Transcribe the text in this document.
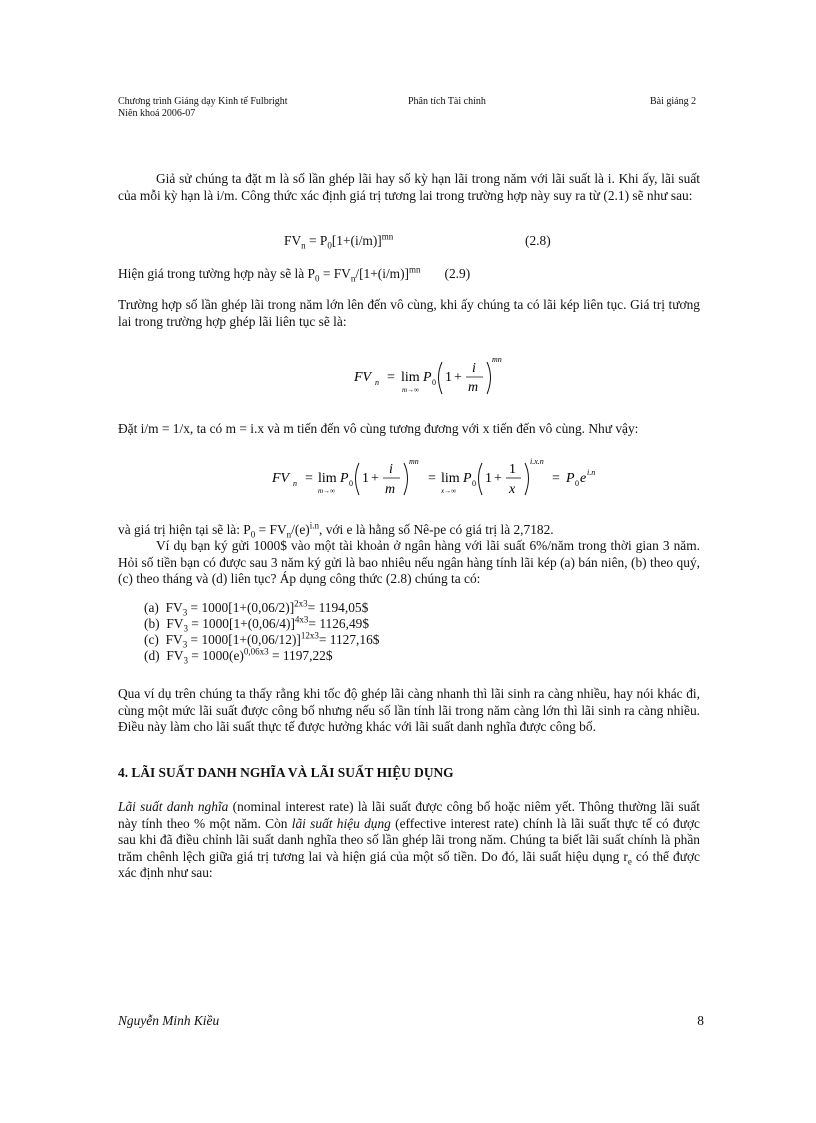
Chương trình Giảng dạy Kinh tế Fulbright
Niên khoá 2006-07
Phân tích Tài chính	Bài giảng 2

Giả sử chúng ta đặt m là số lần ghép lãi hay số kỳ hạn lãi trong năm với lãi suất là i. Khi ấy, lãi suất của mỗi kỳ hạn là i/m. Công thức xác định giá trị tương lai trong trường hợp này suy ra từ (2.1) sẽ như sau:

$FV_n = P_0[1+(i/m)]^{mn}$	(2.8)
Hiện giá trong tường hợp này sẽ là $P_0 = FV_n/[1+(i/m)]^{mn}$ (2.9)

Trường hợp số lần ghép lãi trong năm lớn lên đến vô cùng, khi ấy chúng ta có lãi kép liên tục. Giá trị tương lai trong trường hợp ghép lãi liên tục sẽ là:

FV n = lim
m→∞
P 0 1 +
i
m
mn

Đặt i/m = 1/x, ta có m = i.x và m tiến đến vô cùng tương đương với x tiến đến vô cùng. Như vậy:

FV n = lim
m→∞
P 0 1 +
i
m
mn
= lim
x→∞
P 0 1 +
1
x
i.x.n
= P 0 e i.n
và giá trị hiện tại sẽ là: $P_0 = FV_n/(e)^{i.n}$, với e là hằng số Nê-pe có giá trị là 2,7182.

Ví dụ bạn ký gửi 1000$ vào một tài khoản ở ngân hàng với lãi suất 6%/năm trong thời gian 3 năm. Hỏi số tiền bạn có được sau 3 năm ký gửi là bao nhiêu nếu ngân hàng tính lãi kép (a) bán niên, (b) theo quý, (c) theo tháng và (d) liên tục? Áp dụng công thức (2.8) chúng ta có:

(a) $FV_3 = 1000[1+(0,06/2)]^{2x3}=$ 1194,05$
(b) $FV_3 = 1000[1+(0,06/4)]^{4x3}=$ 1126,49$
(c) $FV_3 = 1000[1+(0,06/12)]^{12x3}=$ 1127,16$
(d) $FV_3 = 1000(e)^{0,06x3}$ = 1197,22$

Qua ví dụ trên chúng ta thấy rằng khi tốc độ ghép lãi càng nhanh thì lãi sinh ra càng nhiều, hay nói khác đi, cùng một mức lãi suất được công bố nhưng nếu số lần tính lãi trong năm càng lớn thì lãi sinh ra càng nhiều. Điều này làm cho lãi suất thực tế được hưởng khác với lãi suất danh nghĩa được công bố.

4. LÃI SUẤT DANH NGHĨA VÀ LÃI SUẤT HIỆU DỤNG

Lãi suất danh nghĩa (nominal interest rate) là lãi suất được công bố hoặc niêm yết. Thông thường lãi suất này tính theo % một năm. Còn lãi suất hiệu dụng (effective interest rate) chính là lãi suất thực tế có được sau khi đã điều chỉnh lãi suất danh nghĩa theo số lần ghép lãi trong năm. Chúng ta biết lãi suất chính là phần trăm chênh lệch giữa giá trị tương lai và hiện giá của một số tiền. Do đó, lãi suất hiệu dụng $r_e$ có thể được xác định như sau:

Nguyễn Minh Kiều	8
